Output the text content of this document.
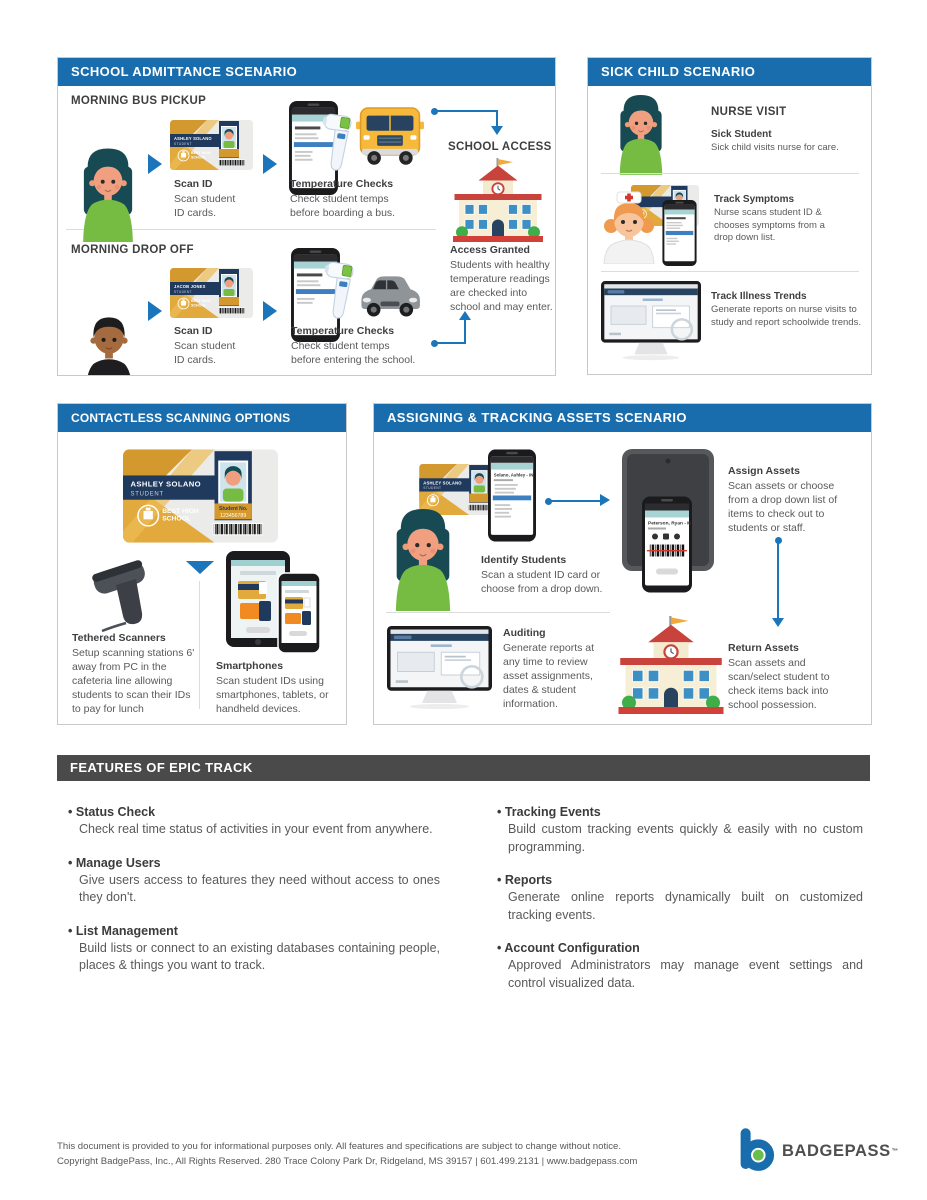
SCHOOL ADMITTANCE SCENARIO
MORNING BUS PICKUP
ASHLEY SOLANO
STUDENT
BEST HIGH
SCHOOL
Scan ID
Scan student ID cards.
Temperature Checks
Check student temps before boarding a bus.
SCHOOL ACCESS
Access Granted
Students with healthy temperature readings are checked into school and may enter.
MORNING DROP OFF
JACOB JONES
STUDENT
BEST HIGH
SCHOOL
Scan ID
Scan student ID cards.
Temperature Checks
Check student temps before entering the school.
SICK CHILD SCENARIO
NURSE VISIT
Sick Student
Sick child visits nurse for care.
Track Symptoms
Nurse scans student ID & chooses symptoms from a drop down list.
Track Illness Trends
Generate reports on nurse visits to study and report schoolwide trends.
CONTACTLESS SCANNING OPTIONS
ASHLEY SOLANO
STUDENT
BEST HIGH
SCHOOL
Student No.
123456789
Tethered Scanners
Setup scanning stations 6' away from PC in the cafeteria line allowing students to scan their IDs to pay for lunch
Smartphones
Scan student IDs using smartphones, tablets, or handheld devices.
ASSIGNING & TRACKING ASSETS SCENARIO
ASHLEY SOLANO
STUDENT
Solano, Ashley - IN
Identify Students
Scan a student ID card or choose from a drop down.
Peterson, Ryan - M
Assign Assets
Scan assets or choose from a drop down list of items to check out to students or staff.
Auditing
Generate reports at any time to review asset assignments, dates & student information.
Return Assets
Scan assets and scan/select student to check items back into school possession.
FEATURES OF EPIC TRACK
• Status Check
Check real time status of activities in your event from anywhere.
• Manage Users
Give users access to features they need without access to ones they don't.
• List Management
Build lists or connect to an existing databases containing people, places & things you want to track.
• Tracking Events
Build custom tracking events quickly & easily with no custom programming.
• Reports
Generate online reports dynamically built on customized tracking events.
• Account Configuration
Approved Administrators may manage event settings and control visualized data.
This document is provided to you for informational purposes only. All features and specifications are subject to change without notice.
Copyright BadgePass, Inc., All Rights Reserved. 280 Trace Colony Park Dr, Ridgeland, MS 39157 | 601.499.2131 | www.badgepass.com
BADGEPASS ™
